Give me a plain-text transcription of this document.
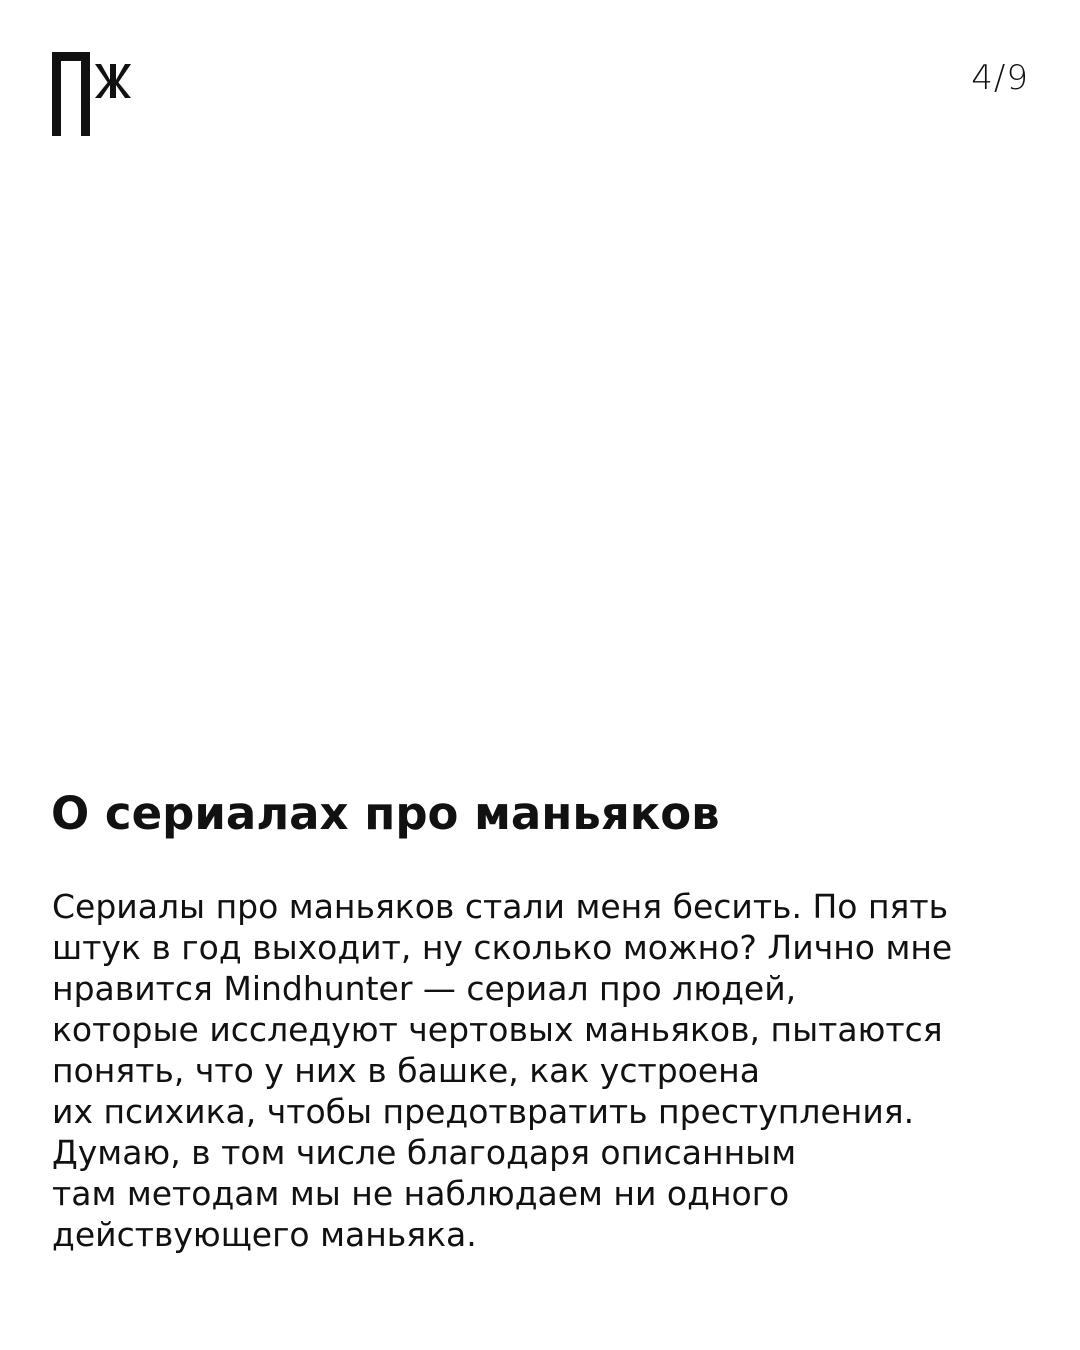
4/9
О сериалах про маньяков
Сериалы про маньяков стали меня бесить. По пять
штук в год выходит, ну сколько можно? Лично мне
нравится Mindhunter — сериал про людей,
которые исследуют чертовых маньяков, пытаются
понять, что у них в башке, как устроена
их психика, чтобы предотвратить преступления.
Думаю, в том числе благодаря описанным
там методам мы не наблюдаем ни одного
действующего маньяка.
